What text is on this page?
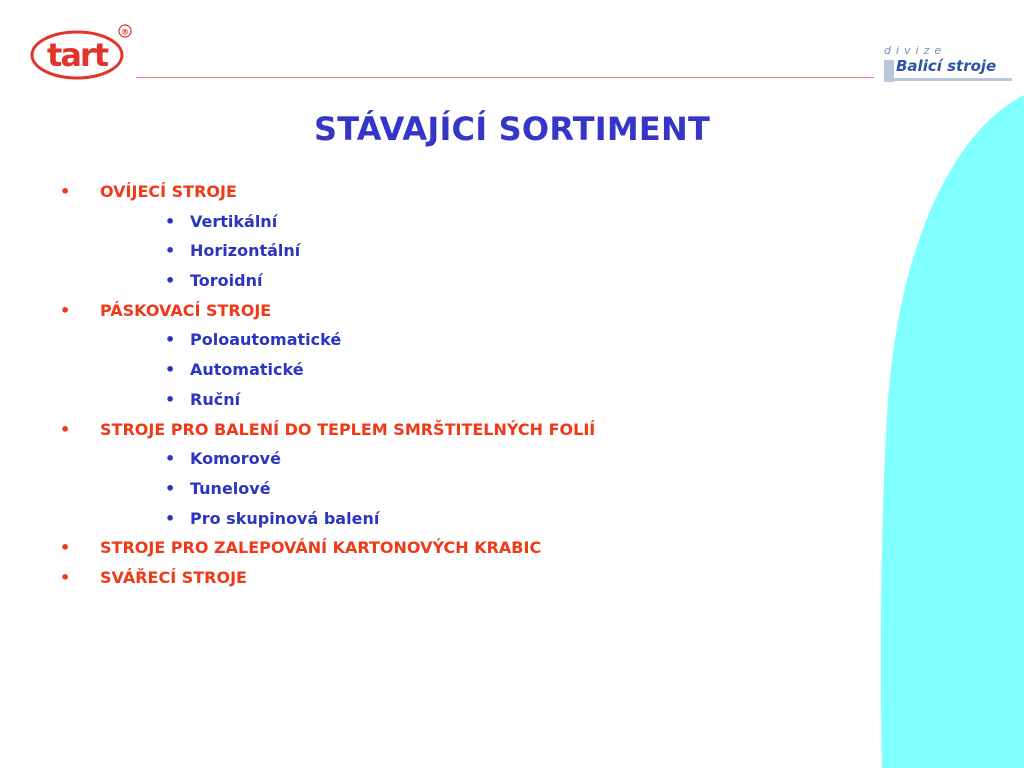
tart
®
divize
Balicí stroje
STÁVAJÍCÍ SORTIMENT
• OVÍJECÍ STROJE
• Vertikální
• Horizontální
• Toroidní
• PÁSKOVACÍ STROJE
• Poloautomatické
• Automatické
• Ruční
• STROJE PRO BALENÍ DO TEPLEM SMRŠTITELNÝCH FOLIÍ
• Komorové
• Tunelové
• Pro skupinová balení
• STROJE PRO ZALEPOVÁNÍ KARTONOVÝCH KRABIC
• SVÁŘECÍ STROJE
